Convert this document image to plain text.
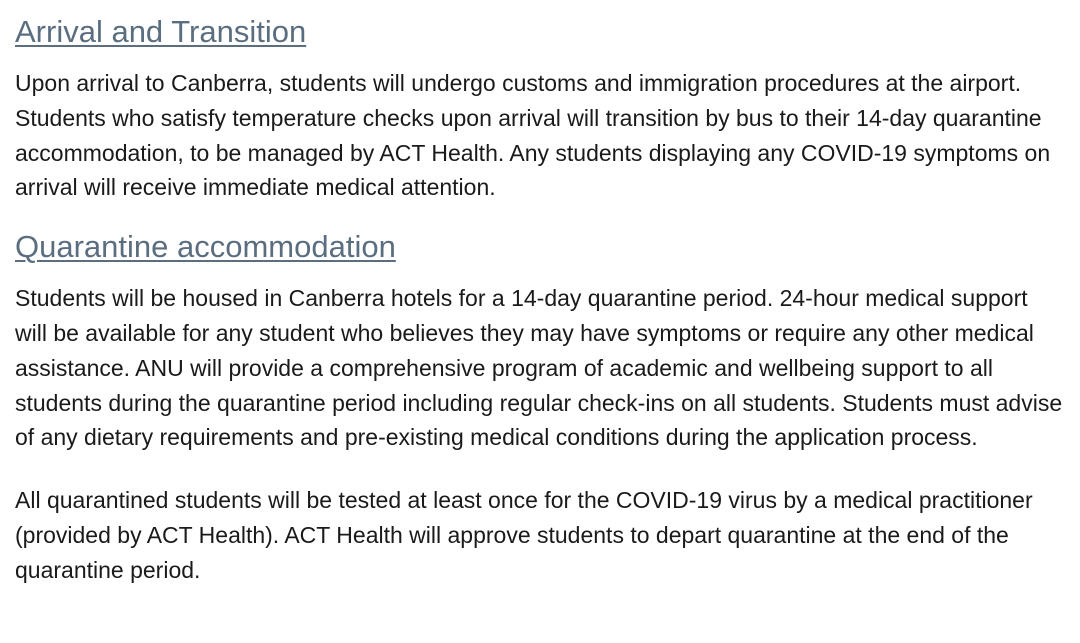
Arrival and Transition

Upon arrival to Canberra, students will undergo customs and immigration procedures at the airport. Students who satisfy temperature checks upon arrival will transition by bus to their 14-day quarantine accommodation, to be managed by ACT Health. Any students displaying any COVID-19 symptoms on arrival will receive immediate medical attention.

Quarantine accommodation

Students will be housed in Canberra hotels for a 14-day quarantine period. 24-hour medical support will be available for any student who believes they may have symptoms or require any other medical assistance. ANU will provide a comprehensive program of academic and wellbeing support to all students during the quarantine period including regular check-ins on all students. Students must advise of any dietary requirements and pre-existing medical conditions during the application process.

All quarantined students will be tested at least once for the COVID-19 virus by a medical practitioner (provided by ACT Health). ACT Health will approve students to depart quarantine at the end of the quarantine period.
